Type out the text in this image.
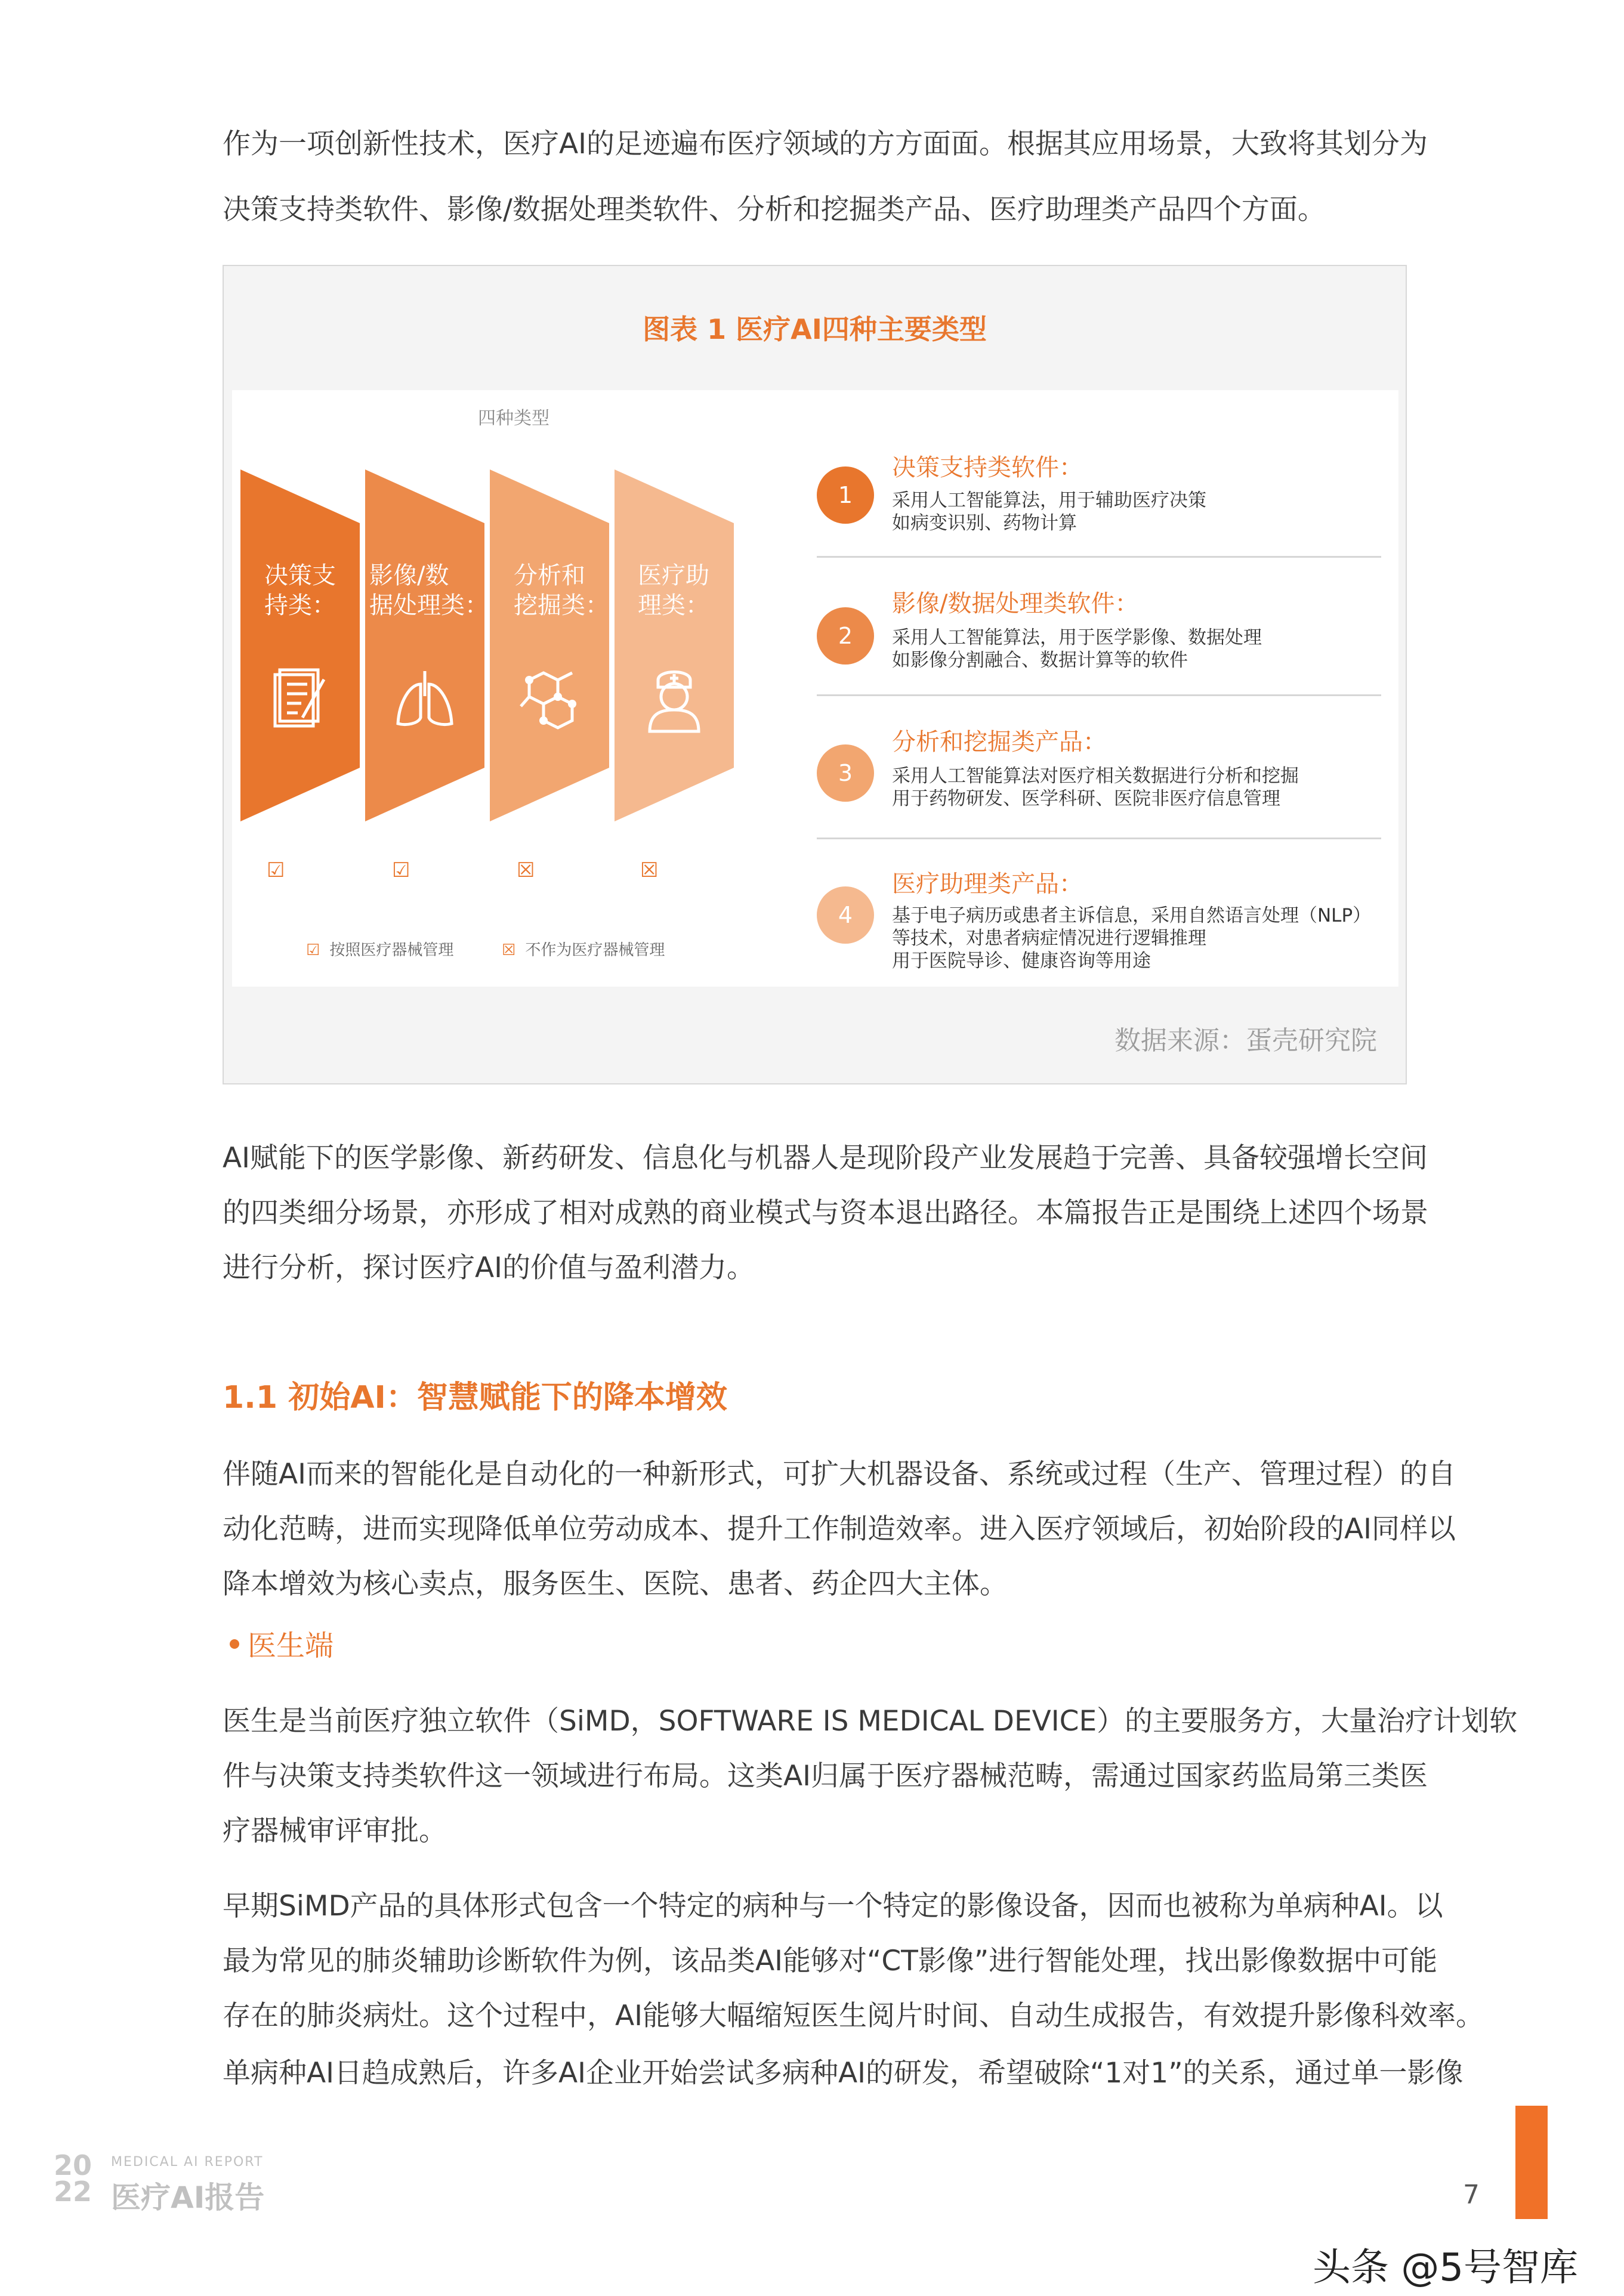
作为一项创新性技术，医疗AI的足迹遍布医疗领域的方方面面。根据其应用场景，大致将其划分为
决策支持类软件、影像/数据处理类软件、分析和挖掘类产品、医疗助理类产品四个方面。
图表 1 医疗AI四种主要类型
四种类型
决策支
持类：
影像/数
据处理类：
分析和
挖掘类：
医疗助
理类：
☑	☑	☒	☒
☑ 按照医疗器械管理	☒ 不作为医疗器械管理
1
决策支持类软件：
采用人工智能算法，用于辅助医疗决策
如病变识别、药物计算
2
影像/数据处理类软件：
采用人工智能算法，用于医学影像、数据处理
如影像分割融合、数据计算等的软件
3
分析和挖掘类产品：
采用人工智能算法对医疗相关数据进行分析和挖掘
用于药物研发、医学科研、医院非医疗信息管理
4
医疗助理类产品：
基于电子病历或患者主诉信息，采用自然语言处理（NLP）
等技术，对患者病症情况进行逻辑推理
用于医院导诊、健康咨询等用途
数据来源：蛋壳研究院
AI赋能下的医学影像、新药研发、信息化与机器人是现阶段产业发展趋于完善、具备较强增长空间
的四类细分场景，亦形成了相对成熟的商业模式与资本退出路径。本篇报告正是围绕上述四个场景
进行分析，探讨医疗AI的价值与盈利潜力。
1.1 初始AI：智慧赋能下的降本增效
伴随AI而来的智能化是自动化的一种新形式，可扩大机器设备、系统或过程（生产、管理过程）的自
动化范畴，进而实现降低单位劳动成本、提升工作制造效率。进入医疗领域后，初始阶段的AI同样以
降本增效为核心卖点，服务医生、医院、患者、药企四大主体。
医生端
医生是当前医疗独立软件（SiMD，SOFTWARE IS MEDICAL DEVICE）的主要服务方，大量治疗计划软
件与决策支持类软件这一领域进行布局。这类AI归属于医疗器械范畴，需通过国家药监局第三类医
疗器械审评审批。
早期SiMD产品的具体形式包含一个特定的病种与一个特定的影像设备，因而也被称为单病种AI。以
最为常见的肺炎辅助诊断软件为例，该品类AI能够对“CT影像”进行智能处理，找出影像数据中可能
存在的肺炎病灶。这个过程中，AI能够大幅缩短医生阅片时间、自动生成报告，有效提升影像科效率。
单病种AI日趋成熟后，许多AI企业开始尝试多病种AI的研发，希望破除“1对1”的关系，通过单一影像
20
22
MEDICAL AI REPORT
医疗AI报告	7
头条 @5号智库
